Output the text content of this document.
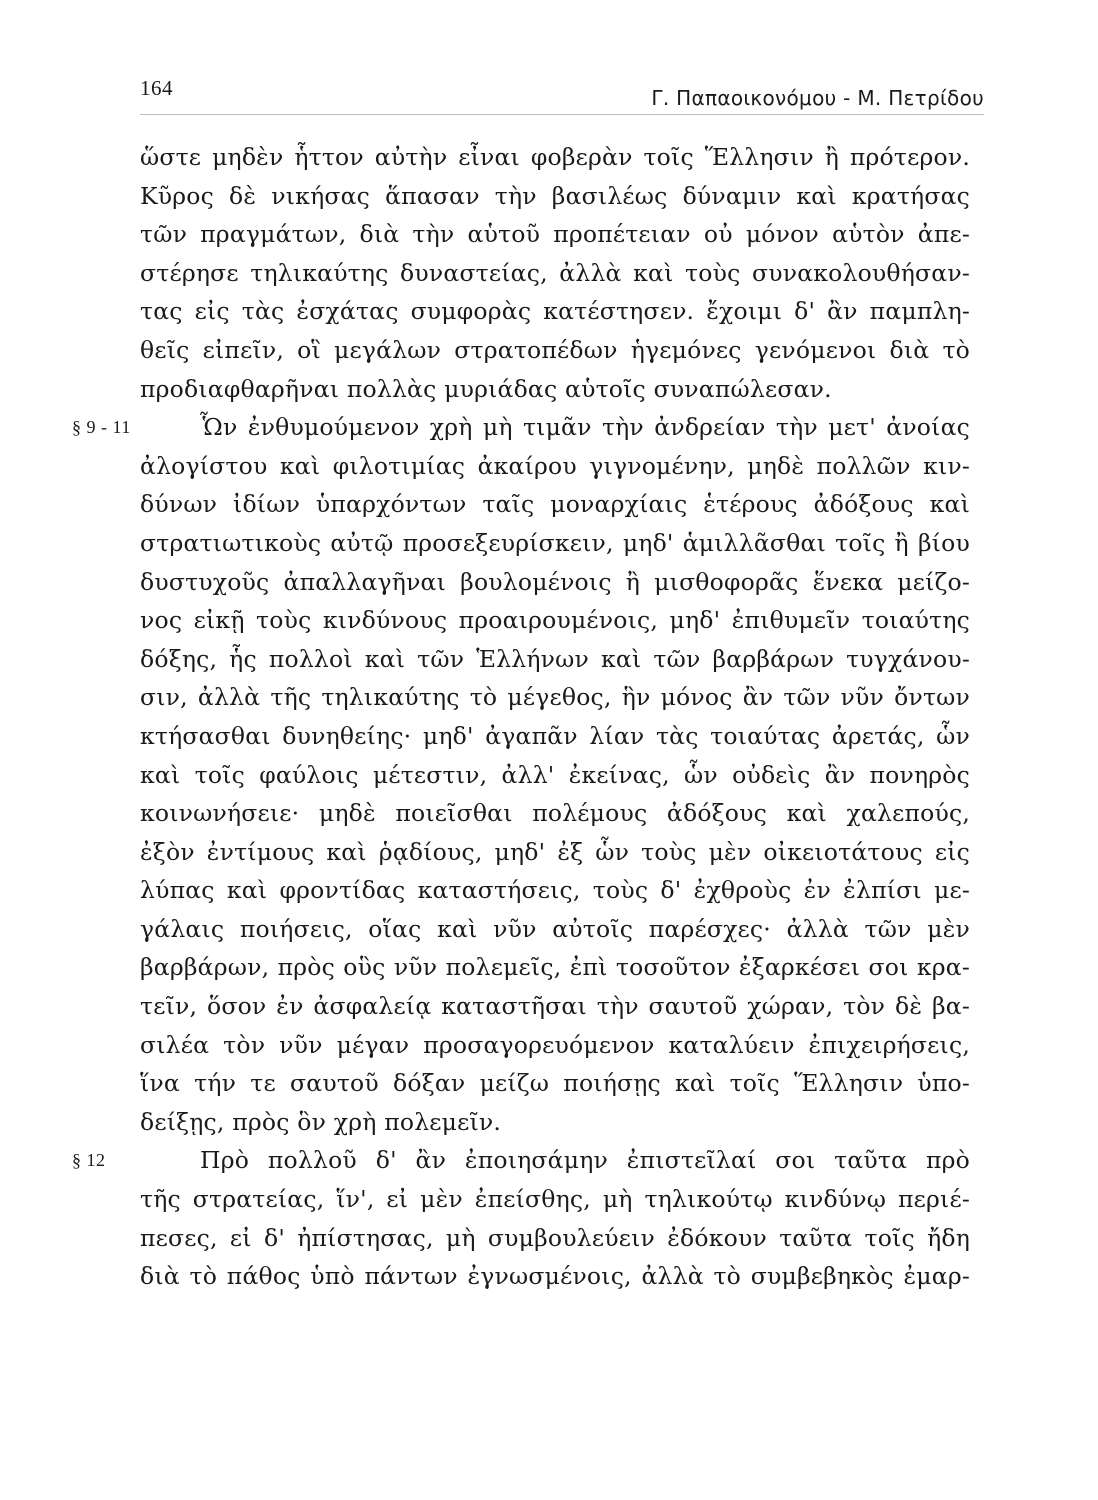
164	Γ. Παπαοικονόμου - Μ. Πετρίδου
ὥστε μηδὲν ἧττον αὐτὴν εἶναι φοβερὰν τοῖς Ἕλλησιν ἢ πρότερον.
Κῦρος δὲ νικήσας ἅπασαν τὴν βασιλέως δύναμιν καὶ κρατήσας
τῶν πραγμάτων, διὰ τὴν αὑτοῦ προπέτειαν οὐ μόνον αὑτὸν ἀπε-
στέρησε τηλικαύτης δυναστείας, ἀλλὰ καὶ τοὺς συνακολουθήσαν-
τας εἰς τὰς ἐσχάτας συμφορὰς κατέστησεν. ἔχοιμι δ' ἂν παμπλη-
θεῖς εἰπεῖν, οἳ μεγάλων στρατοπέδων ἡγεμόνες γενόμενοι διὰ τὸ
προδιαφθαρῆναι πολλὰς μυριάδας αὑτοῖς συναπώλεσαν.
§ 9 - 11	Ὧν ἐνθυμούμενον χρὴ μὴ τιμᾶν τὴν ἀνδρείαν τὴν μετ' ἀνοίας
ἀλογίστου καὶ φιλοτιμίας ἀκαίρου γιγνομένην, μηδὲ πολλῶν κιν-
δύνων ἰδίων ὑπαρχόντων ταῖς μοναρχίαις ἑτέρους ἀδόξους καὶ
στρατιωτικοὺς αὐτῷ προσεξευρίσκειν, μηδ' ἁμιλλᾶσθαι τοῖς ἢ βίου
δυστυχοῦς ἀπαλλαγῆναι βουλομένοις ἢ μισθοφορᾶς ἕνεκα μείζο-
νος εἰκῇ τοὺς κινδύνους προαιρουμένοις, μηδ' ἐπιθυμεῖν τοιαύτης
δόξης, ἧς πολλοὶ καὶ τῶν Ἑλλήνων καὶ τῶν βαρβάρων τυγχάνου-
σιν, ἀλλὰ τῆς τηλικαύτης τὸ μέγεθος, ἣν μόνος ἂν τῶν νῦν ὄντων
κτήσασθαι δυνηθείης· μηδ' ἀγαπᾶν λίαν τὰς τοιαύτας ἀρετάς, ὧν
καὶ τοῖς φαύλοις μέτεστιν, ἀλλ' ἐκείνας, ὧν οὐδεὶς ἂν πονηρὸς
κοινωνήσειε· μηδὲ ποιεῖσθαι πολέμους ἀδόξους καὶ χαλεπούς,
ἐξὸν ἐντίμους καὶ ῥᾳδίους, μηδ' ἐξ ὧν τοὺς μὲν οἰκειοτάτους εἰς
λύπας καὶ φροντίδας καταστήσεις, τοὺς δ' ἐχθροὺς ἐν ἐλπίσι με-
γάλαις ποιήσεις, οἵας καὶ νῦν αὐτοῖς παρέσχες· ἀλλὰ τῶν μὲν
βαρβάρων, πρὸς οὓς νῦν πολεμεῖς, ἐπὶ τοσοῦτον ἐξαρκέσει σοι κρα-
τεῖν, ὅσον ἐν ἀσφαλείᾳ καταστῆσαι τὴν σαυτοῦ χώραν, τὸν δὲ βα-
σιλέα τὸν νῦν μέγαν προσαγορευόμενον καταλύειν ἐπιχειρήσεις,
ἵνα τήν τε σαυτοῦ δόξαν μείζω ποιήσῃς καὶ τοῖς Ἕλλησιν ὑπο-
δείξῃς, πρὸς ὃν χρὴ πολεμεῖν.
§ 12	Πρὸ πολλοῦ δ' ἂν ἐποιησάμην ἐπιστεῖλαί σοι ταῦτα πρὸ
τῆς στρατείας, ἵν', εἰ μὲν ἐπείσθης, μὴ τηλικούτῳ κινδύνῳ περιέ-
πεσες, εἰ δ' ἠπίστησας, μὴ συμβουλεύειν ἐδόκουν ταῦτα τοῖς ἤδη
διὰ τὸ πάθος ὑπὸ πάντων ἐγνωσμένοις, ἀλλὰ τὸ συμβεβηκὸς ἐμαρ-
